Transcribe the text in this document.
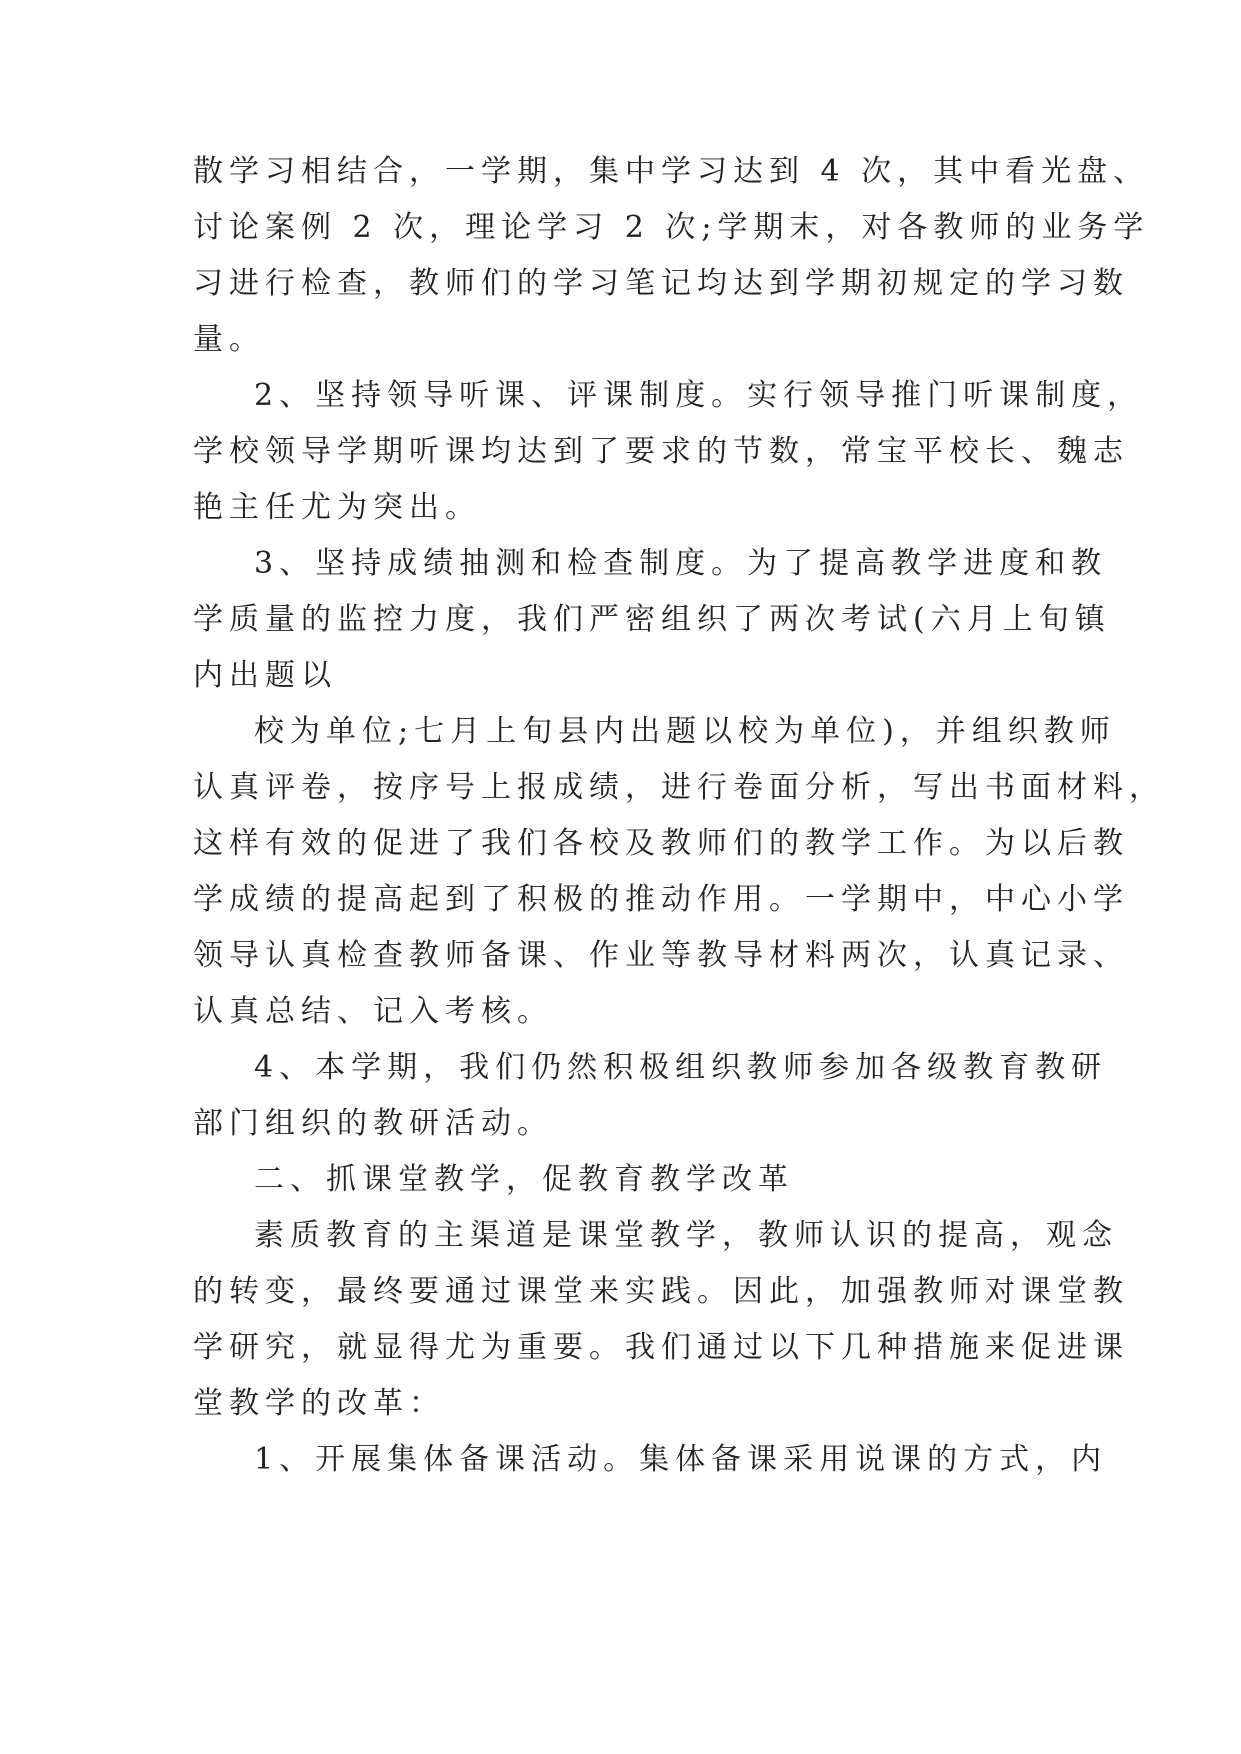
散学习相结合，一学期，集中学习达到 4 次，其中看光盘、
讨论案例 2 次，理论学习 2 次;学期末，对各教师的业务学
习进行检查，教师们的学习笔记均达到学期初规定的学习数
量。
2、坚持领导听课、评课制度。实行领导推门听课制度，
学校领导学期听课均达到了要求的节数，常宝平校长、魏志
艳主任尤为突出。
3、坚持成绩抽测和检查制度。为了提高教学进度和教
学质量的监控力度，我们严密组织了两次考试(六月上旬镇
内出题以
校为单位;七月上旬县内出题以校为单位)，并组织教师
认真评卷，按序号上报成绩，进行卷面分析，写出书面材料，
这样有效的促进了我们各校及教师们的教学工作。为以后教
学成绩的提高起到了积极的推动作用。一学期中，中心小学
领导认真检查教师备课、作业等教导材料两次，认真记录、
认真总结、记入考核。
4、本学期，我们仍然积极组织教师参加各级教育教研
部门组织的教研活动。
二、抓课堂教学，促教育教学改革
素质教育的主渠道是课堂教学，教师认识的提高，观念
的转变，最终要通过课堂来实践。因此，加强教师对课堂教
学研究，就显得尤为重要。我们通过以下几种措施来促进课
堂教学的改革：
1、开展集体备课活动。集体备课采用说课的方式，内
